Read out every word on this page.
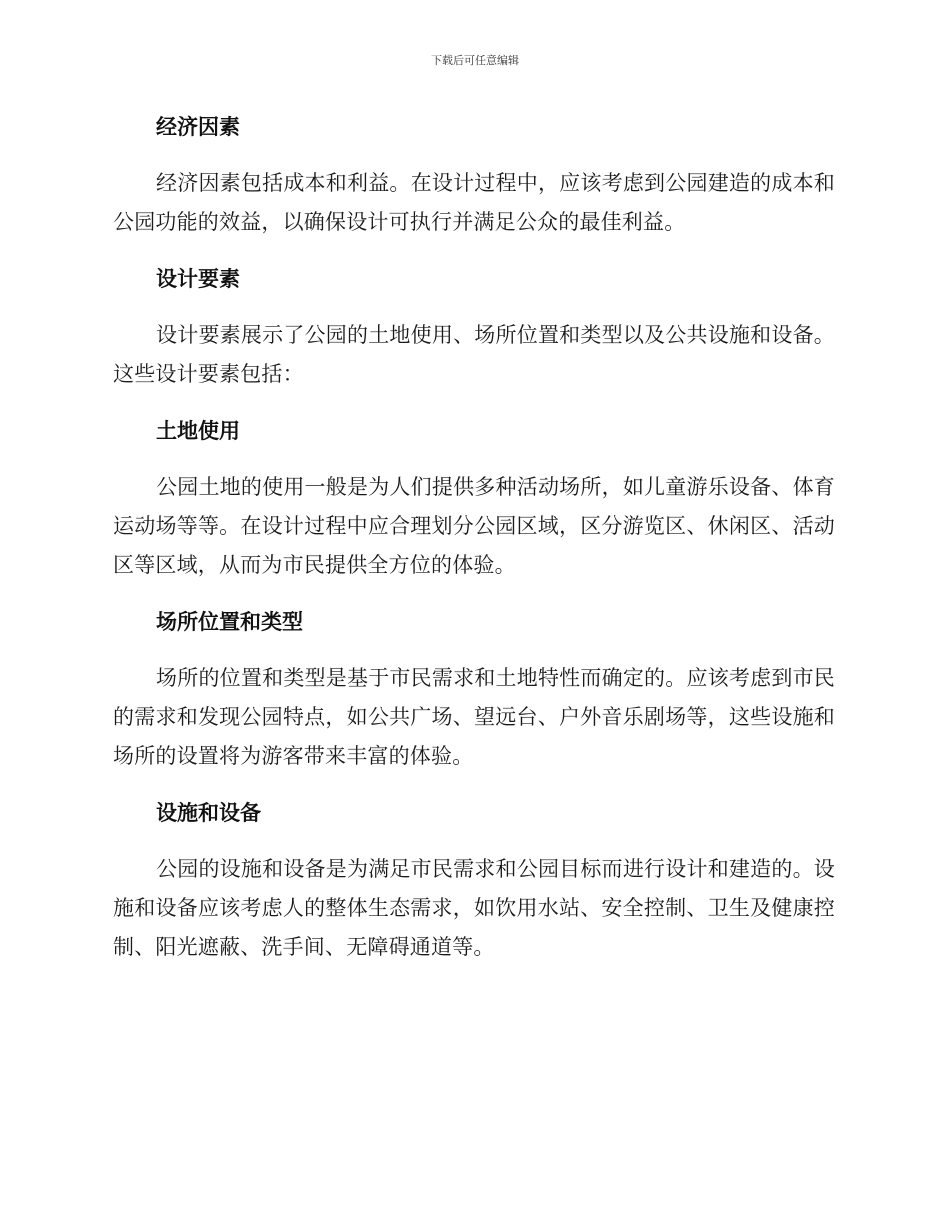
下载后可任意编辑
经济因素

经济因素包括成本和利益。在设计过程中，应该考虑到公园建造的成本和公园功能的效益，以确保设计可执行并满足公众的最佳利益。

设计要素

设计要素展示了公园的土地使用、场所位置和类型以及公共设施和设备。这些设计要素包括：

土地使用

公园土地的使用一般是为人们提供多种活动场所，如儿童游乐设备、体育运动场等等。在设计过程中应合理划分公园区域，区分游览区、休闲区、活动区等区域，从而为市民提供全方位的体验。

场所位置和类型

场所的位置和类型是基于市民需求和土地特性而确定的。应该考虑到市民的需求和发现公园特点，如公共广场、望远台、户外音乐剧场等，这些设施和场所的设置将为游客带来丰富的体验。

设施和设备

公园的设施和设备是为满足市民需求和公园目标而进行设计和建造的。设施和设备应该考虑人的整体生态需求，如饮用水站、安全控制、卫生及健康控制、阳光遮蔽、洗手间、无障碍通道等。
